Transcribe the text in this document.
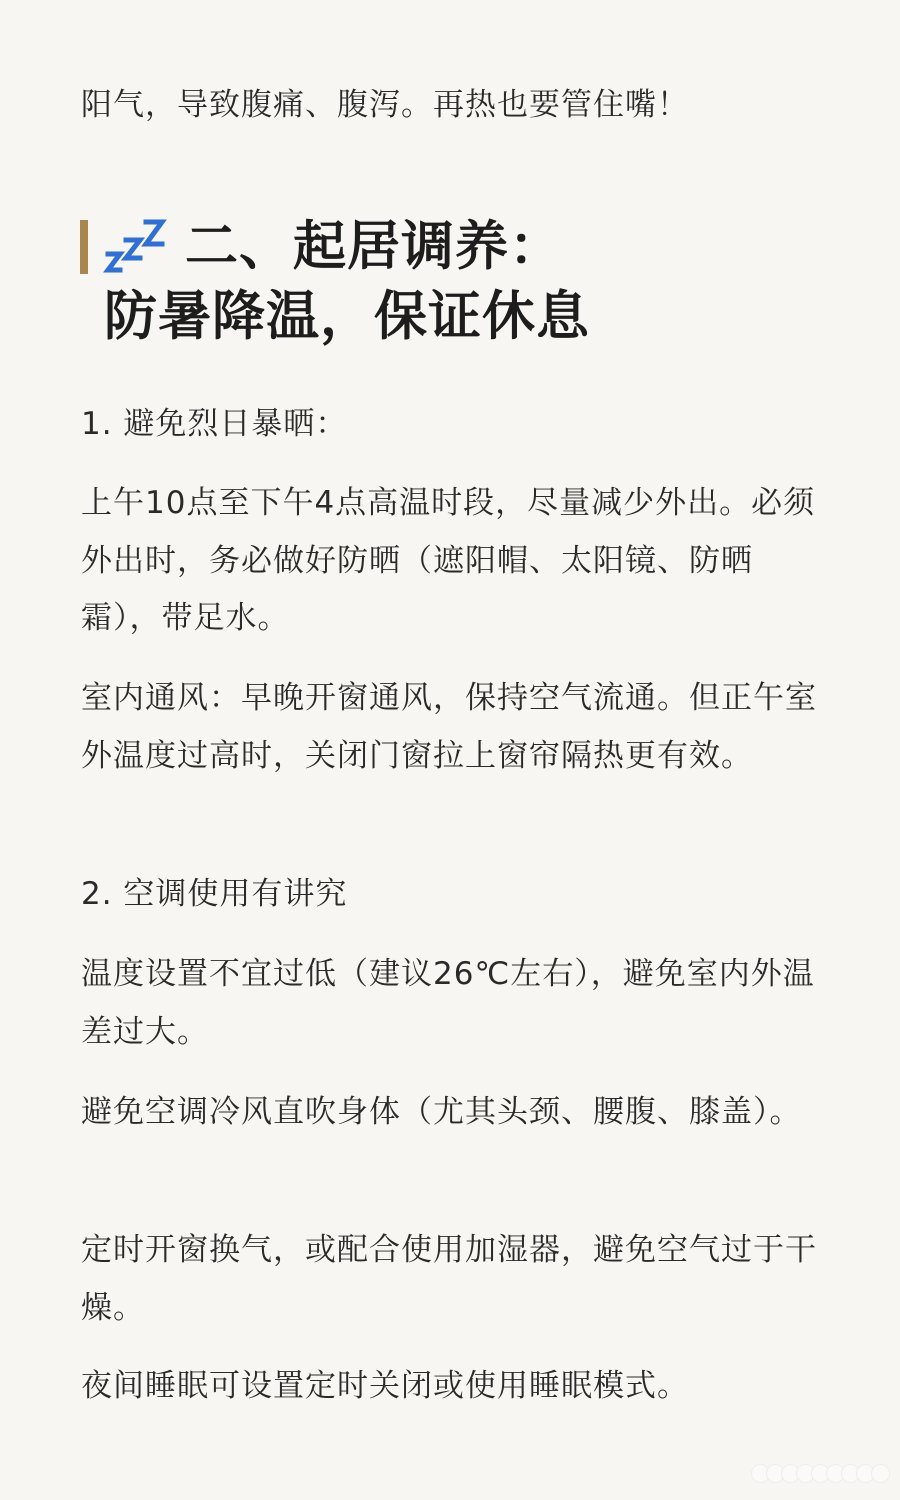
阳气，导致腹痛、腹泻。再热也要管住嘴！

二、起居调养：
防暑降温，保证休息

1. 避免烈日暴晒：

上午10点至下午4点高温时段，尽量减少外出。必须外出时，务必做好防晒（遮阳帽、太阳镜、防晒霜），带足水。

室内通风：早晚开窗通风，保持空气流通。但正午室外温度过高时，关闭门窗拉上窗帘隔热更有效。

2. 空调使用有讲究

温度设置不宜过低（建议26℃左右），避免室内外温差过大。

避免空调冷风直吹身体（尤其头颈、腰腹、膝盖）。

定时开窗换气，或配合使用加湿器，避免空气过于干燥。

夜间睡眠可设置定时关闭或使用睡眠模式。
